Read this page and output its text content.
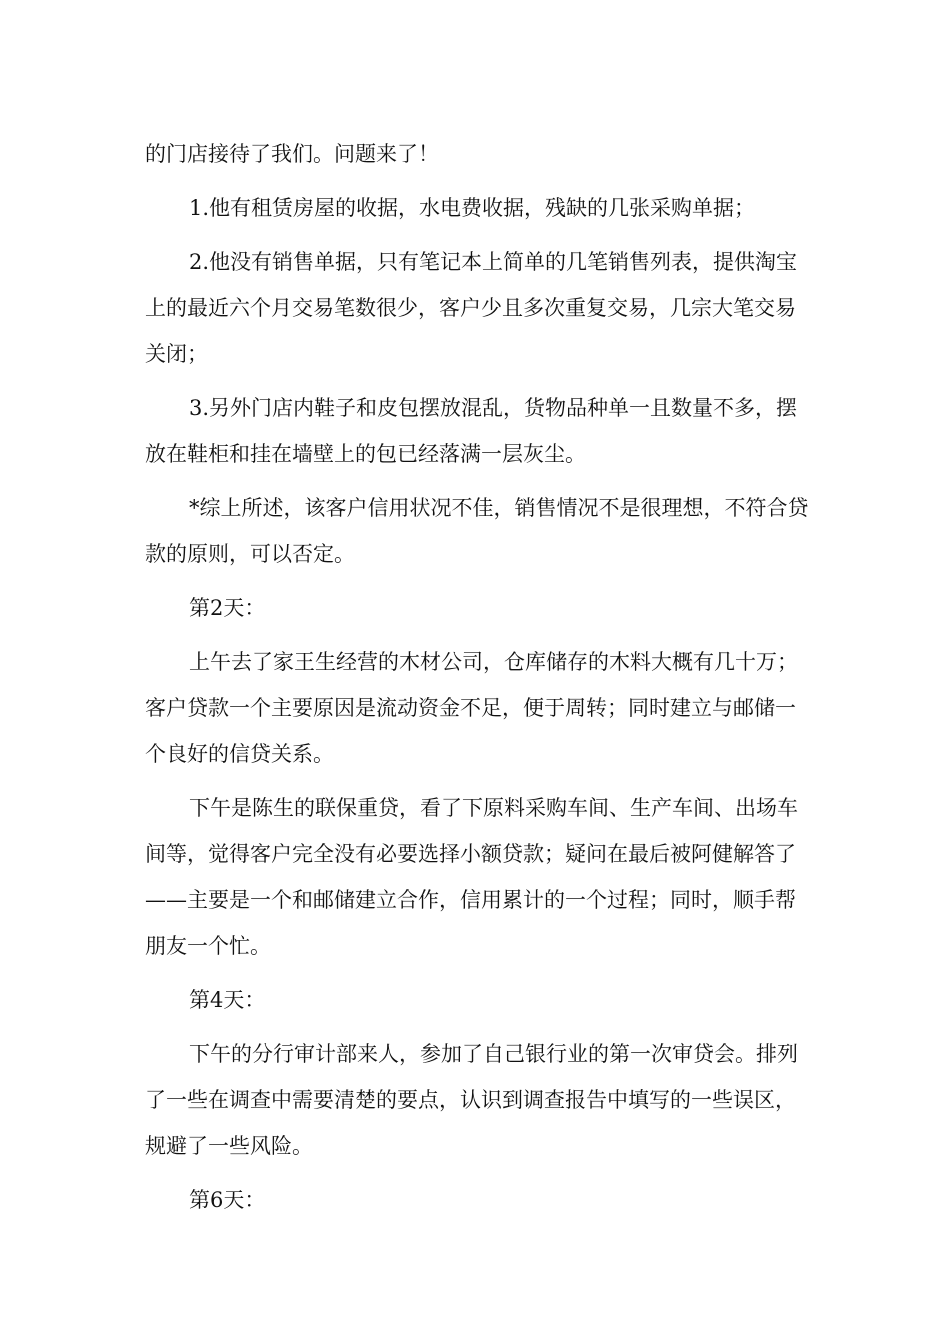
的门店接待了我们。问题来了！

1.他有租赁房屋的收据，水电费收据，残缺的几张采购单据；

2.他没有销售单据，只有笔记本上简单的几笔销售列表，提供淘宝上的最近六个月交易笔数很少，客户少且多次重复交易，几宗大笔交易关闭；

3.另外门店内鞋子和皮包摆放混乱，货物品种单一且数量不多，摆放在鞋柜和挂在墙壁上的包已经落满一层灰尘。

*综上所述，该客户信用状况不佳，销售情况不是很理想，不符合贷款的原则，可以否定。

第2天：

上午去了家王生经营的木材公司，仓库储存的木料大概有几十万；客户贷款一个主要原因是流动资金不足，便于周转；同时建立与邮储一个良好的信贷关系。

下午是陈生的联保重贷，看了下原料采购车间、生产车间、出场车间等，觉得客户完全没有必要选择小额贷款；疑问在最后被阿健解答了——主要是一个和邮储建立合作，信用累计的一个过程；同时，顺手帮朋友一个忙。

第4天：

下午的分行审计部来人，参加了自己银行业的第一次审贷会。排列了一些在调查中需要清楚的要点，认识到调查报告中填写的一些误区，规避了一些风险。

第6天：
